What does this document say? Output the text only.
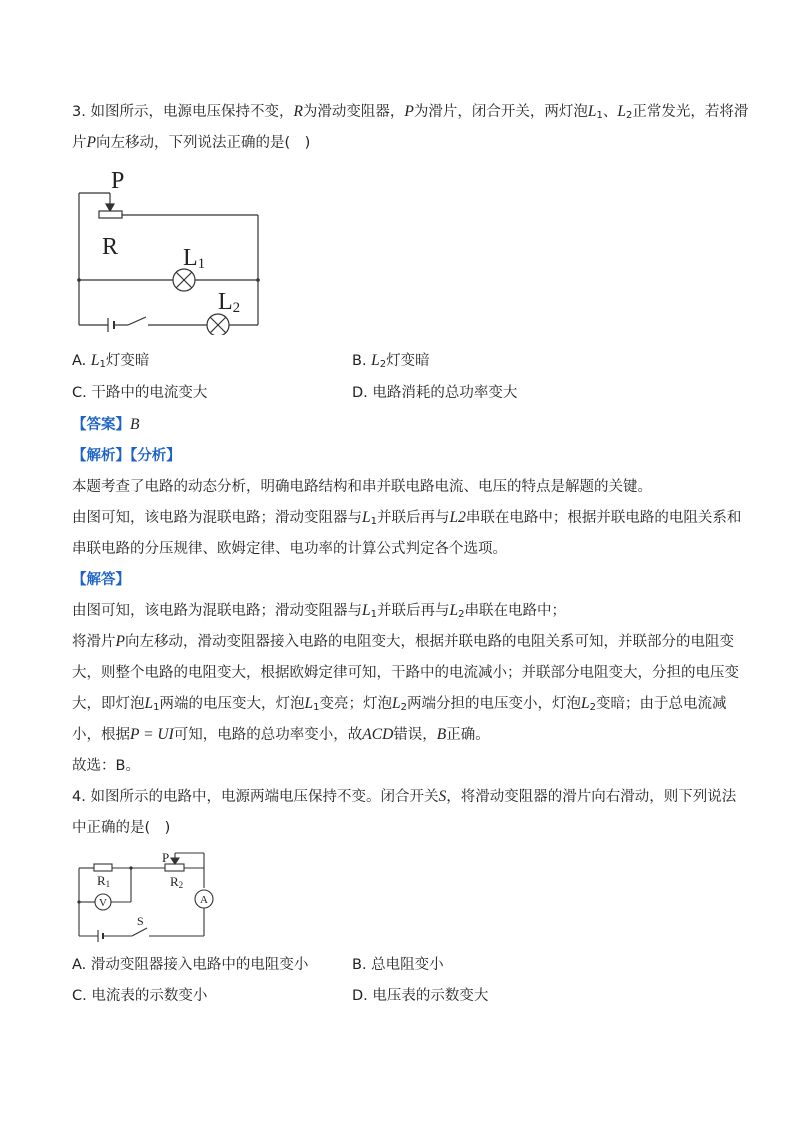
3. 如图所示，电源电压保持不变，R为滑动变阻器，P为滑片，闭合开关，两灯泡$L_1$、$L_2$正常发光，若将滑
片P向左移动，下列说法正确的是(　)
P
R	L1
L2
A. $L_1$灯变暗	B. $L_2$灯变暗
C. 干路中的电流变大	D. 电路消耗的总功率变大
【答案】B
【解析】【分析】
本题考查了电路的动态分析，明确电路结构和串并联电路电流、电压的特点是解题的关键。
由图可知，该电路为混联电路；滑动变阻器与$L_1$并联后再与L2串联在电路中；根据并联电路的电阻关系和
串联电路的分压规律、欧姆定律、电功率的计算公式判定各个选项。
【解答】
由图可知，该电路为混联电路；滑动变阻器与$L_1$并联后再与$L_2$串联在电路中；
将滑片P向左移动，滑动变阻器接入电路的电阻变大，根据并联电路的电阻关系可知，并联部分的电阻变
大，则整个电路的电阻变大，根据欧姆定律可知，干路中的电流减小；并联部分电阻变大，分担的电压变
大，即灯泡$L_1$两端的电压变大，灯泡$L_1$变亮；灯泡$L_2$两端分担的电压变小，灯泡$L_2$变暗；由于总电流减
小，根据P = UI可知，电路的总功率变小，故ACD错误，B正确。
故选：B。
4. 如图所示的电路中，电源两端电压保持不变。闭合开关S，将滑动变阻器的滑片向右滑动，则下列说法
中正确的是(　)
P
R1	R2
V	A
S
A. 滑动变阻器接入电路中的电阻变小	B. 总电阻变小
C. 电流表的示数变小	D. 电压表的示数变大
